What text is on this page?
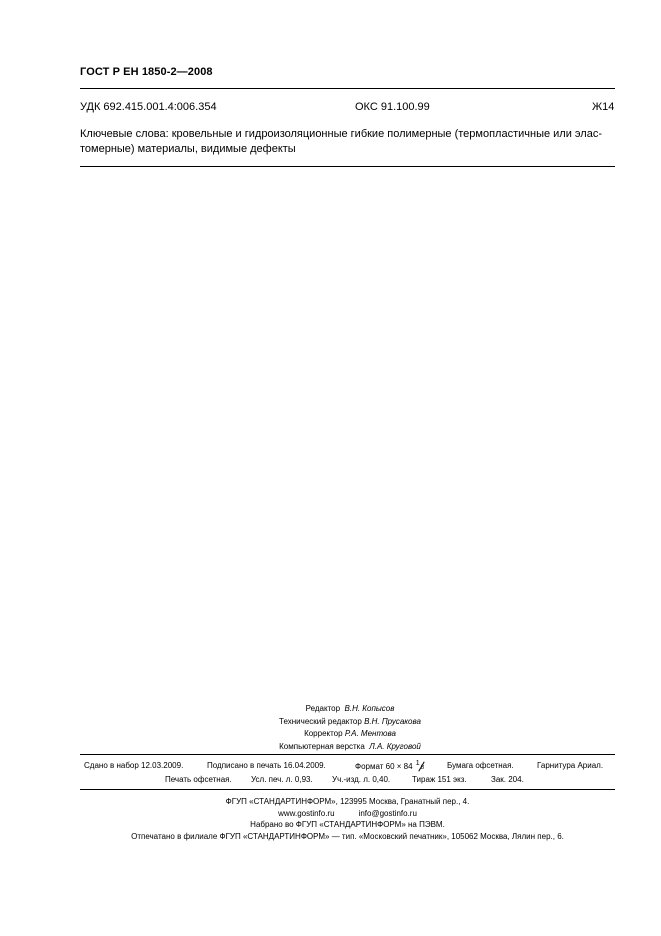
ГОСТ Р ЕН 1850-2—2008
УДК 692.415.001.4:006.354	ОКС 91.100.99	Ж14
Ключевые слова: кровельные и гидроизоляционные гибкие полимерные (термопластичные или элас-
томерные) материалы, видимые дефекты
Редактор В.Н. Копысов
Технический редактор В.Н. Прусакова
Корректор Р.А. Ментова
Компьютерная верстка Л.А. Круговой
Сдано в набор 12.03.2009.	Подписано в печать 16.04.2009.	Формат 60 × 84 1
8	Бумага офсетная.	Гарнитура Ариал.
Печать офсетная. Усл. печ. л. 0,93. Уч.-изд. л. 0,40.	Тираж 151 экз.	Зак. 204.
ФГУП «СТАНДАРТИНФОРМ», 123995 Москва, Гранатный пер., 4.
www.gostinfo.ru	info@gostinfo.ru
Набрано во ФГУП «СТАНДАРТИНФОРМ» на ПЭВМ.
Отпечатано в филиале ФГУП «СТАНДАРТИНФОРМ» — тип. «Московский печатник», 105062 Москва, Лялин пер., 6.
